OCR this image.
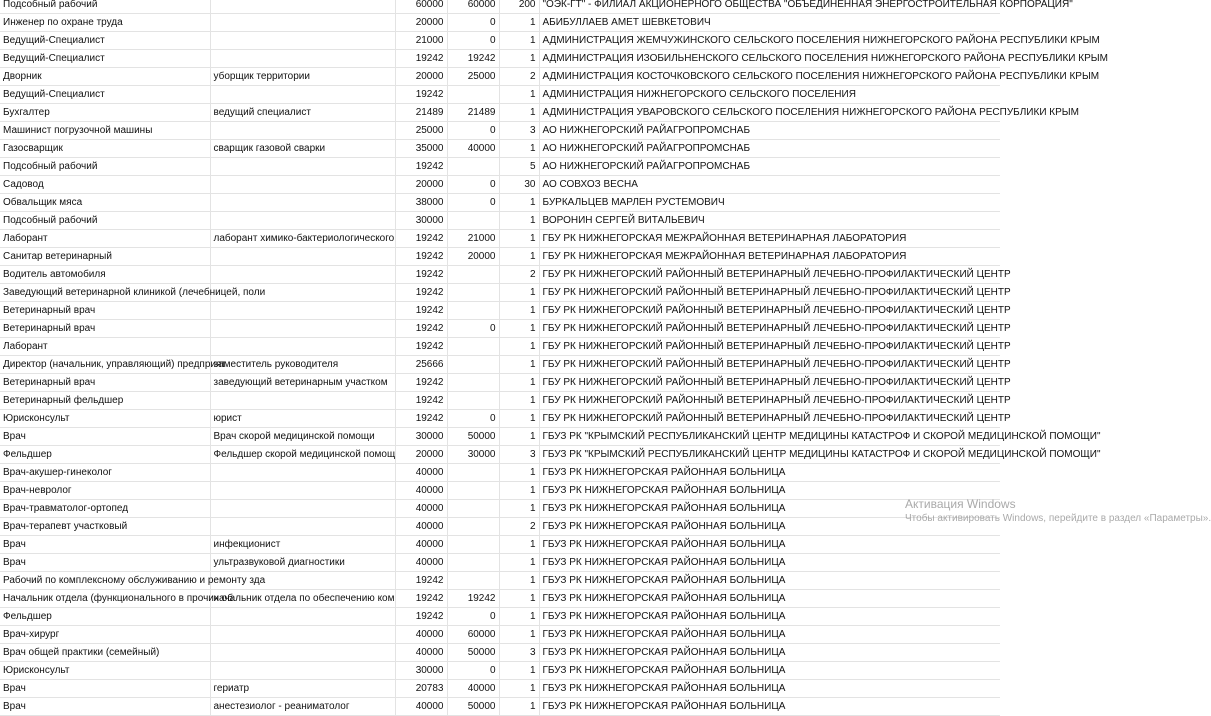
Подсобный рабочий		60000	60000	200	"ОЭК-ГТ" - ФИЛИАЛ АКЦИОНЕРНОГО ОБЩЕСТВА "ОБЪЕДИНЕННАЯ ЭНЕРГОСТРОИТЕЛЬНАЯ КОРПОРАЦИЯ"
Инженер по охране труда		20000	0	1	АБИБУЛЛАЕВ АМЕТ ШЕВКЕТОВИЧ
Ведущий-Специалист		21000	0	1	АДМИНИСТРАЦИЯ ЖЕМЧУЖИНСКОГО СЕЛЬСКОГО ПОСЕЛЕНИЯ НИЖНЕГОРСКОГО РАЙОНА РЕСПУБЛИКИ КРЫМ
Ведущий-Специалист		19242	19242	1	АДМИНИСТРАЦИЯ ИЗОБИЛЬНЕНСКОГО СЕЛЬСКОГО ПОСЕЛЕНИЯ НИЖНЕГОРСКОГО РАЙОНА РЕСПУБЛИКИ КРЫМ
Дворник	уборщик территории	20000	25000	2	АДМИНИСТРАЦИЯ КОСТОЧКОВСКОГО СЕЛЬСКОГО ПОСЕЛЕНИЯ НИЖНЕГОРСКОГО РАЙОНА РЕСПУБЛИКИ КРЫМ
Ведущий-Специалист		19242		1	АДМИНИСТРАЦИЯ НИЖНЕГОРСКОГО СЕЛЬСКОГО ПОСЕЛЕНИЯ
Бухгалтер	ведущий специалист	21489	21489	1	АДМИНИСТРАЦИЯ УВАРОВСКОГО СЕЛЬСКОГО ПОСЕЛЕНИЯ НИЖНЕГОРСКОГО РАЙОНА РЕСПУБЛИКИ КРЫМ
Машинист погрузочной машины		25000	0	3	АО НИЖНЕГОРСКИЙ РАЙАГРОПРОМСНАБ
Газосварщик	сварщик газовой сварки	35000	40000	1	АО НИЖНЕГОРСКИЙ РАЙАГРОПРОМСНАБ
Подсобный рабочий		19242		5	АО НИЖНЕГОРСКИЙ РАЙАГРОПРОМСНАБ
Садовод		20000	0	30	АО СОВХОЗ ВЕСНА
Обвальщик мяса		38000	0	1	БУРКАЛЬЦЕВ МАРЛЕН РУСТЕМОВИЧ
Подсобный рабочий		30000		1	ВОРОНИН СЕРГЕЙ ВИТАЛЬЕВИЧ
Лаборант	лаборант химико-бактериологического	19242	21000	1	ГБУ РК НИЖНЕГОРСКАЯ МЕЖРАЙОННАЯ ВЕТЕРИНАРНАЯ ЛАБОРАТОРИЯ
Санитар ветеринарный		19242	20000	1	ГБУ РК НИЖНЕГОРСКАЯ МЕЖРАЙОННАЯ ВЕТЕРИНАРНАЯ ЛАБОРАТОРИЯ
Водитель автомобиля		19242		2	ГБУ РК НИЖНЕГОРСКИЙ РАЙОННЫЙ ВЕТЕРИНАРНЫЙ ЛЕЧЕБНО-ПРОФИЛАКТИЧЕСКИЙ ЦЕНТР
Заведующий ветеринарной клиникой (лечебницей, поли		19242		1	ГБУ РК НИЖНЕГОРСКИЙ РАЙОННЫЙ ВЕТЕРИНАРНЫЙ ЛЕЧЕБНО-ПРОФИЛАКТИЧЕСКИЙ ЦЕНТР
Ветеринарный врач		19242		1	ГБУ РК НИЖНЕГОРСКИЙ РАЙОННЫЙ ВЕТЕРИНАРНЫЙ ЛЕЧЕБНО-ПРОФИЛАКТИЧЕСКИЙ ЦЕНТР
Ветеринарный врач		19242	0	1	ГБУ РК НИЖНЕГОРСКИЙ РАЙОННЫЙ ВЕТЕРИНАРНЫЙ ЛЕЧЕБНО-ПРОФИЛАКТИЧЕСКИЙ ЦЕНТР
Лаборант		19242		1	ГБУ РК НИЖНЕГОРСКИЙ РАЙОННЫЙ ВЕТЕРИНАРНЫЙ ЛЕЧЕБНО-ПРОФИЛАКТИЧЕСКИЙ ЦЕНТР
Директор (начальник, управляющий) предприят	заместитель руководителя	25666		1	ГБУ РК НИЖНЕГОРСКИЙ РАЙОННЫЙ ВЕТЕРИНАРНЫЙ ЛЕЧЕБНО-ПРОФИЛАКТИЧЕСКИЙ ЦЕНТР
Ветеринарный врач	заведующий ветеринарным участком	19242		1	ГБУ РК НИЖНЕГОРСКИЙ РАЙОННЫЙ ВЕТЕРИНАРНЫЙ ЛЕЧЕБНО-ПРОФИЛАКТИЧЕСКИЙ ЦЕНТР
Ветеринарный фельдшер		19242		1	ГБУ РК НИЖНЕГОРСКИЙ РАЙОННЫЙ ВЕТЕРИНАРНЫЙ ЛЕЧЕБНО-ПРОФИЛАКТИЧЕСКИЙ ЦЕНТР
Юрисконсульт	юрист	19242	0	1	ГБУ РК НИЖНЕГОРСКИЙ РАЙОННЫЙ ВЕТЕРИНАРНЫЙ ЛЕЧЕБНО-ПРОФИЛАКТИЧЕСКИЙ ЦЕНТР
Врач	Врач скорой медицинской помощи	30000	50000	1	ГБУЗ РК "КРЫМСКИЙ РЕСПУБЛИКАНСКИЙ ЦЕНТР МЕДИЦИНЫ КАТАСТРОФ И СКОРОЙ МЕДИЦИНСКОЙ ПОМОЩИ"
Фельдшер	Фельдшер скорой медицинской помощ	20000	30000	3	ГБУЗ РК "КРЫМСКИЙ РЕСПУБЛИКАНСКИЙ ЦЕНТР МЕДИЦИНЫ КАТАСТРОФ И СКОРОЙ МЕДИЦИНСКОЙ ПОМОЩИ"
Врач-акушер-гинеколог		40000		1	ГБУЗ РК НИЖНЕГОРСКАЯ РАЙОННАЯ БОЛЬНИЦА
Врач-невролог		40000		1	ГБУЗ РК НИЖНЕГОРСКАЯ РАЙОННАЯ БОЛЬНИЦА
Врач-травматолог-ортопед		40000		1	ГБУЗ РК НИЖНЕГОРСКАЯ РАЙОННАЯ БОЛЬНИЦА
Врач-терапевт участковый		40000		2	ГБУЗ РК НИЖНЕГОРСКАЯ РАЙОННАЯ БОЛЬНИЦА
Врач	инфекционист	40000		1	ГБУЗ РК НИЖНЕГОРСКАЯ РАЙОННАЯ БОЛЬНИЦА
Врач	ультразвуковой диагностики	40000		1	ГБУЗ РК НИЖНЕГОРСКАЯ РАЙОННАЯ БОЛЬНИЦА
Рабочий по комплексному обслуживанию и ремонту зда		19242		1	ГБУЗ РК НИЖНЕГОРСКАЯ РАЙОННАЯ БОЛЬНИЦА
Начальник отдела (функционального в прочих об	начальник отдела по обеспечению ком	19242	19242	1	ГБУЗ РК НИЖНЕГОРСКАЯ РАЙОННАЯ БОЛЬНИЦА
Фельдшер		19242	0	1	ГБУЗ РК НИЖНЕГОРСКАЯ РАЙОННАЯ БОЛЬНИЦА
Врач-хирург		40000	60000	1	ГБУЗ РК НИЖНЕГОРСКАЯ РАЙОННАЯ БОЛЬНИЦА
Врач общей практики (семейный)		40000	50000	3	ГБУЗ РК НИЖНЕГОРСКАЯ РАЙОННАЯ БОЛЬНИЦА
Юрисконсульт		30000	0	1	ГБУЗ РК НИЖНЕГОРСКАЯ РАЙОННАЯ БОЛЬНИЦА
Врач	гериатр	20783	40000	1	ГБУЗ РК НИЖНЕГОРСКАЯ РАЙОННАЯ БОЛЬНИЦА
Врач	анестезиолог - реаниматолог	40000	50000	1	ГБУЗ РК НИЖНЕГОРСКАЯ РАЙОННАЯ БОЛЬНИЦА
Активация Windows
Чтобы активировать Windows, перейдите в раздел «Параметры».
